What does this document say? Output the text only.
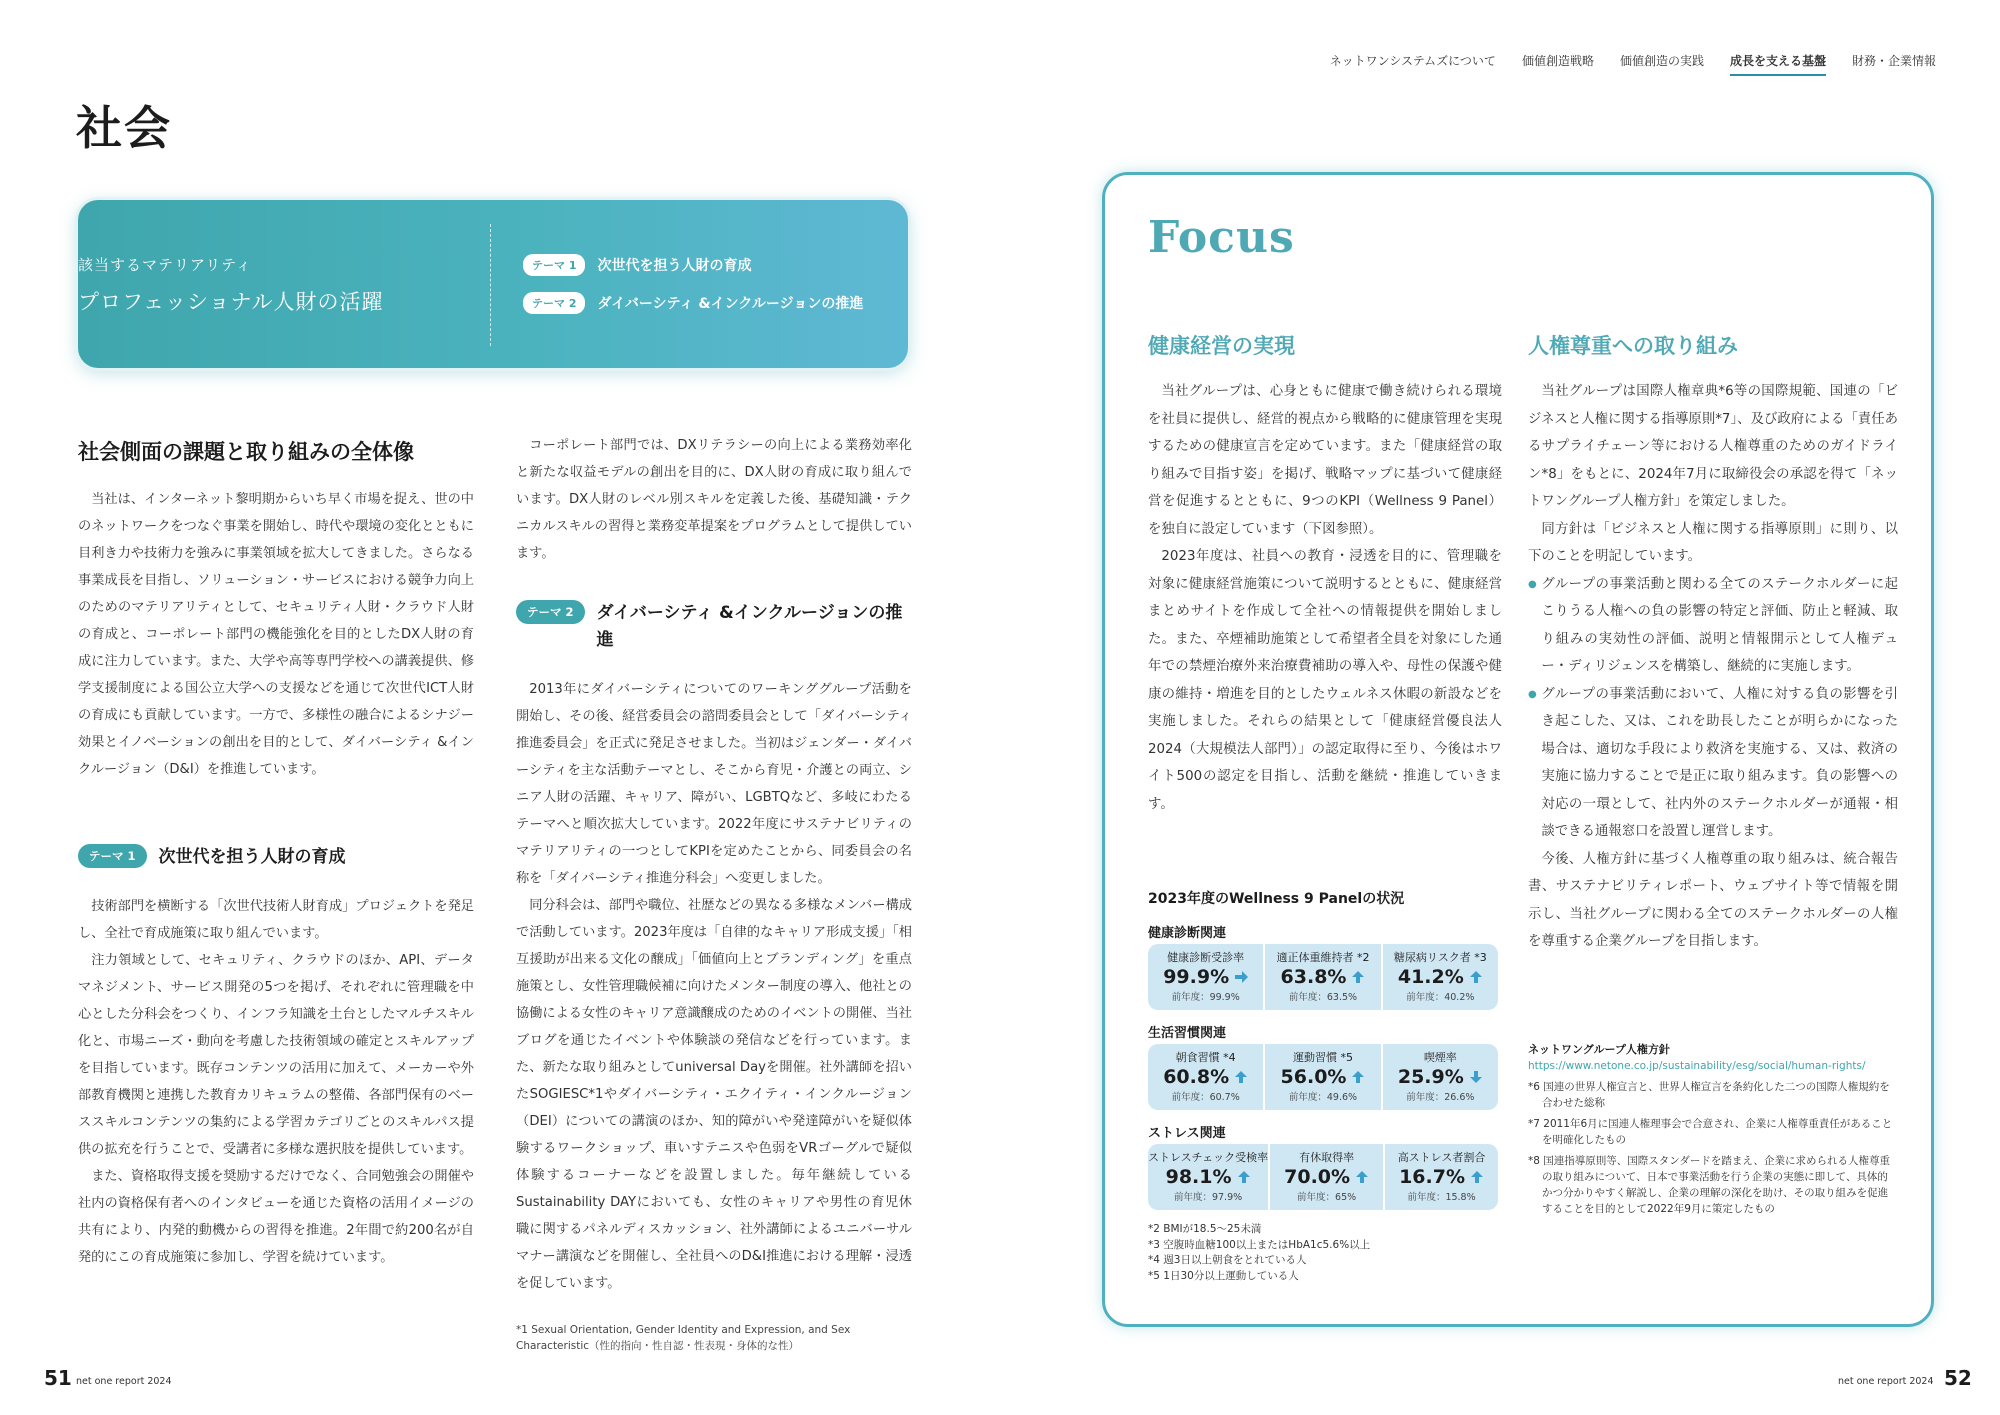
ネットワンシステムズについて 価値創造戦略 価値創造の実践 成長を支える基盤 財務・企業情報
社会
該当するマテリアリティ
プロフェッショナル人財の活躍
テーマ 1	次世代を担う人財の育成
テーマ 2	ダイバーシティ &インクルージョンの推進
社会側面の課題と取り組みの全体像

当社は、インターネット黎明期からいち早く市場を捉え、世の中のネットワークをつなぐ事業を開始し、時代や環境の変化とともに目利き力や技術力を強みに事業領域を拡大してきました。さらなる事業成長を目指し、ソリューション・サービスにおける競争力向上のためのマテリアリティとして、セキュリティ人財・クラウド人財の育成と、コーポレート部門の機能強化を目的としたDX人財の育成に注力しています。また、大学や高等専門学校への講義提供、修学支援制度による国公立大学への支援などを通じて次世代ICT人財の育成にも貢献しています。一方で、多様性の融合によるシナジー効果とイノベーションの創出を目的として、ダイバーシティ &インクルージョン（D&I）を推進しています。

テーマ 1	次世代を担う人財の育成

技術部門を横断する「次世代技術人財育成」プロジェクトを発足し、全社で育成施策に取り組んでいます。

注力領域として、セキュリティ、クラウドのほか、API、データマネジメント、サービス開発の5つを掲げ、それぞれに管理職を中心とした分科会をつくり、インフラ知識を土台としたマルチスキル化と、市場ニーズ・動向を考慮した技術領域の確定とスキルアップを目指しています。既存コンテンツの活用に加えて、メーカーや外部教育機関と連携した教育カリキュラムの整備、各部門保有のベーススキルコンテンツの集約による学習カテゴリごとのスキルパス提供の拡充を行うことで、受講者に多様な選択肢を提供しています。

また、資格取得支援を奨励するだけでなく、合同勉強会の開催や社内の資格保有者へのインタビューを通じた資格の活用イメージの共有により、内発的動機からの習得を推進。2年間で約200名が自発的にこの育成施策に参加し、学習を続けています。

コーポレート部門では、DXリテラシーの向上による業務効率化と新たな収益モデルの創出を目的に、DX人財の育成に取り組んでいます。DX人財のレベル別スキルを定義した後、基礎知識・テクニカルスキルの習得と業務変革提案をプログラムとして提供しています。

テーマ 2	ダイバーシティ &インクルージョンの推進

2013年にダイバーシティについてのワーキンググループ活動を開始し、その後、経営委員会の諮問委員会として「ダイバーシティ推進委員会」を正式に発足させました。当初はジェンダー・ダイバーシティを主な活動テーマとし、そこから育児・介護との両立、シニア人財の活躍、キャリア、障がい、LGBTQなど、多岐にわたるテーマへと順次拡大しています。2022年度にサステナビリティのマテリアリティの一つとしてKPIを定めたことから、同委員会の名称を「ダイバーシティ推進分科会」へ変更しました。

同分科会は、部門や職位、社歴などの異なる多様なメンバー構成で活動しています。2023年度は「自律的なキャリア形成支援」「相互援助が出来る文化の醸成」「価値向上とブランディング」を重点施策とし、女性管理職候補に向けたメンター制度の導入、他社との協働による女性のキャリア意識醸成のためのイベントの開催、当社ブログを通じたイベントや体験談の発信などを行っています。また、新たな取り組みとしてuniversal Dayを開催。社外講師を招いたSOGIESC*1やダイバーシティ・エクイティ・インクルージョン（DEI）についての講演のほか、知的障がいや発達障がいを疑似体験するワークショップ、車いすテニスや色弱をVRゴーグルで疑似体験するコーナーなどを設置しました。毎年継続しているSustainability DAYにおいても、女性のキャリアや男性の育児休職に関するパネルディスカッション、社外講師によるユニバーサルマナー講演などを開催し、全社員へのD&I推進における理解・浸透を促しています。

*1 Sexual Orientation, Gender Identity and Expression, and Sex Characteristic（性的指向・性自認・性表現・身体的な性）
51 net one report 2024	net one report 2024 52
Focus
健康経営の実現

当社グループは、心身ともに健康で働き続けられる環境を社員に提供し、経営的視点から戦略的に健康管理を実現するための健康宣言を定めています。また「健康経営の取り組みで目指す姿」を掲げ、戦略マップに基づいて健康経営を促進するとともに、9つのKPI（Wellness 9 Panel）を独自に設定しています（下図参照）。

2023年度は、社員への教育・浸透を目的に、管理職を対象に健康経営施策について説明するとともに、健康経営まとめサイトを作成して全社への情報提供を開始しました。また、卒煙補助施策として希望者全員を対象にした通年での禁煙治療外来治療費補助の導入や、母性の保護や健康の維持・増進を目的としたウェルネス休暇の新設などを実施しました。それらの結果として「健康経営優良法人2024（大規模法人部門）」の認定取得に至り、今後はホワイト500の認定を目指し、活動を継続・推進していきます。

2023年度のWellness 9 Panelの状況
健康診断関連
健康診断受診率
99.9%
前年度：99.9%
適正体重維持者 *2
63.8%
前年度：63.5%
糖尿病リスク者 *3
41.2%
前年度：40.2%
生活習慣関連
朝食習慣 *4
60.8%
前年度：60.7%
運動習慣 *5
56.0%
前年度：49.6%
喫煙率
25.9%
前年度：26.6%
ストレス関連
ストレスチェック受検率
98.1%
前年度：97.9%
有休取得率
70.0%
前年度：65%
高ストレス者割合
16.7%
前年度：15.8%
*2 BMIが18.5〜25未満
*3 空腹時血糖100以上またはHbA1c5.6%以上
*4 週3日以上朝食をとれている人
*5 1日30分以上運動している人
人権尊重への取り組み

当社グループは国際人権章典*6等の国際規範、国連の「ビジネスと人権に関する指導原則*7」、及び政府による「責任あるサプライチェーン等における人権尊重のためのガイドライン*8」をもとに、2024年7月に取締役会の承認を得て「ネットワングループ人権方針」を策定しました。

同方針は「ビジネスと人権に関する指導原則」に則り、以下のことを明記しています。

● グループの事業活動と関わる全てのステークホルダーに起こりうる人権への負の影響の特定と評価、防止と軽減、取り組みの実効性の評価、説明と情報開示として人権デュー・ディリジェンスを構築し、継続的に実施します。
● グループの事業活動において、人権に対する負の影響を引き起こした、又は、これを助長したことが明らかになった場合は、適切な手段により救済を実施する、又は、救済の実施に協力することで是正に取り組みます。負の影響への対応の一環として、社内外のステークホルダーが通報・相談できる通報窓口を設置し運営します。

今後、人権方針に基づく人権尊重の取り組みは、統合報告書、サステナビリティレポート、ウェブサイト等で情報を開示し、当社グループに関わる全てのステークホルダーの人権を尊重する企業グループを目指します。

ネットワングループ人権方針
https://www.netone.co.jp/sustainability/esg/social/human-rights/
*6 国連の世界人権宣言と、世界人権宣言を条約化した二つの国際人権規約を合わせた総称
*7 2011年6月に国連人権理事会で合意され、企業に人権尊重責任があることを明確化したもの
*8 国連指導原則等、国際スタンダードを踏まえ、企業に求められる人権尊重の取り組みについて、日本で事業活動を行う企業の実態に即して、具体的かつ分かりやすく解説し、企業の理解の深化を助け、その取り組みを促進することを目的として2022年9月に策定したもの
